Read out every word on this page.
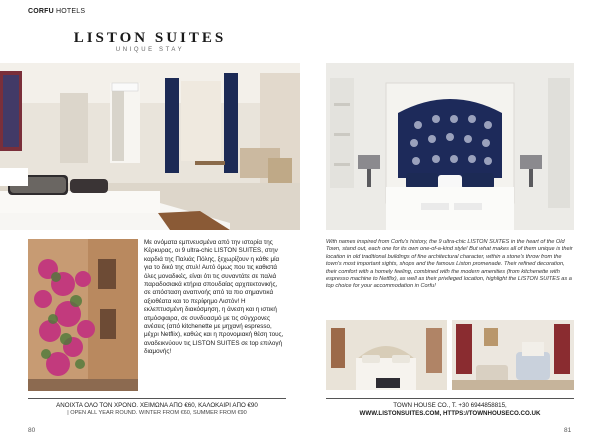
CORFU HOTELS
LISTON SUITES
UNIQUE STAY
Με ονόματα εμπνευσμένα από την ιστορία της Κέρκυρας, οι 9 ultra-chic LISTON SUITES, στην καρδιά της Παλιάς Πόλης, ξεχωρίζουν η κάθε μία για το δικό της στυλ! Αυτό όμως που τις καθιστά όλες μοναδικές, είναι ότι τις συναντάτε σε παλιά παραδοσιακά κτήρια σπουδαίας αρχιτεκτονικής, σε απόσταση αναπνοής από τα πιο σημαντικά αξιοθέατα και το περίφημο Λιστόν! Η εκλεπτυσμένη διακόσμηση, η άνεση και η ιστική ατμόσφαιρα, σε συνδυασμό με τις σύγχρονες ανέσεις (από kitchenette με μηχανή espresso, μέχρι Netflix), καθώς και η προνομιακή θέση τους, αναδεικνύουν τις LISTON SUITES σε top επιλογή διαμονής!
With names inspired from Corfu's history, the 9 ultra-chic LISTON SUITES in the heart of the Old Town, stand out, each one for its own one-of-a-kind style! But what makes all of them unique is their location in old traditional buildings of fine architectural character, within a stone's throw from the town's most important sights, shops and the famous Liston promenade. Their refined decoration, their comfort with a homely feeling, combined with the modern amenities (from kitchenette with espresso machine to Netflix), as well as their privileged location, highlight the LISTON SUITES as a top choice for your accommodation in Corfu!
ΑΝΟΙΧΤΑ ΟΛΟ ΤΟΝ ΧΡΟΝΟ. ΧΕΙΜΩΝΑ ΑΠΟ €60, ΚΑΛΟΚΑΙΡΙ ΑΠΟ €90
| OPEN ALL YEAR ROUND. WINTER FROM €60, SUMMER FROM €90
TOWN HOUSE CO., Τ. +30 6944858815,
WWW.LISTONSUITES.COM, HTTPS://TOWNHOUSECO.CO.UK
80	81
